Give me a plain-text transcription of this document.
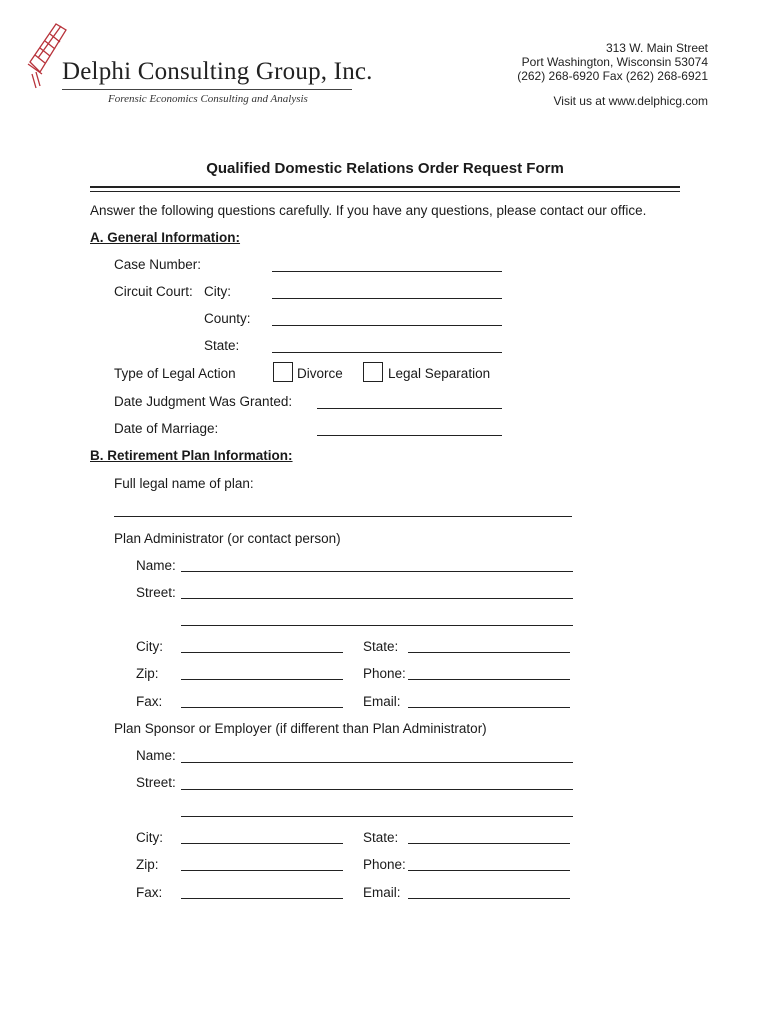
Delphi Consulting Group, Inc.
Forensic Economics Consulting and Analysis
313 W. Main Street
Port Washington, Wisconsin 53074
(262) 268-6920 Fax (262) 268-6921
Visit us at www.delphicg.com
Qualified Domestic Relations Order Request Form
Answer the following questions carefully. If you have any questions, please contact our office.
A. General Information:
Case Number:
Circuit Court: City:
County:
State:
Type of Legal Action	Divorce	Legal Separation
Date Judgment Was Granted:
Date of Marriage:
B. Retirement Plan Information:
Full legal name of plan:
Plan Administrator (or contact person)
Name:
Street:
City:	State:
Zip:	Phone:
Fax:	Email:
Plan Sponsor or Employer (if different than Plan Administrator)
Name:
Street:
City:	State:
Zip:	Phone:
Fax:	Email:
